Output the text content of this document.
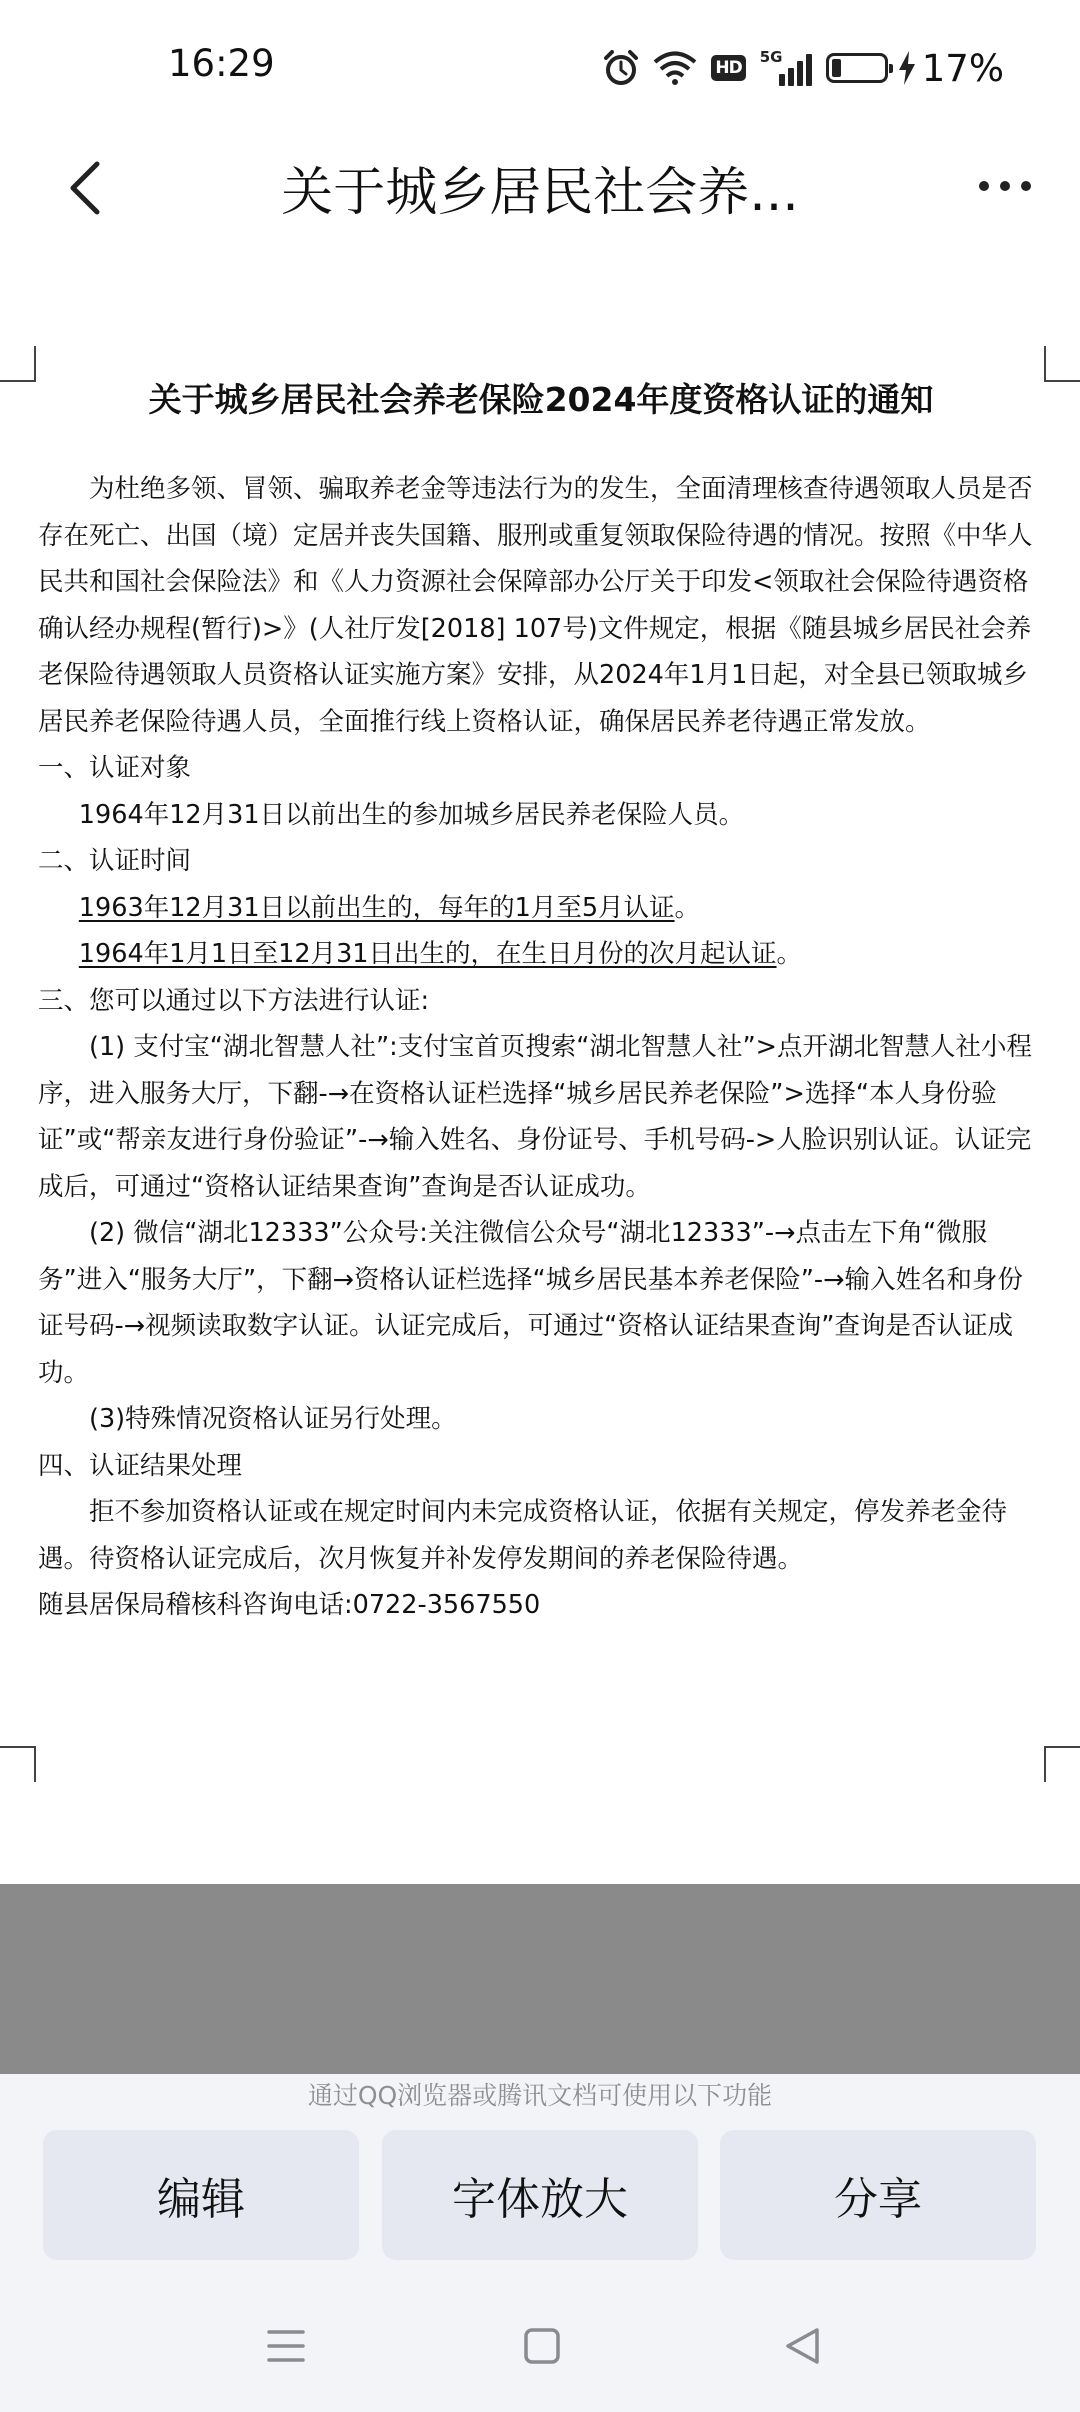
16:29	HD
5G	17%
关于城乡居民社会养...
关于城乡居民社会养老保险2024年度资格认证的通知

为杜绝多领、冒领、骗取养老金等违法行为的发生，全面清理核查待遇领取人员是否存在死亡、出国（境）定居并丧失国籍、服刑或重复领取保险待遇的情况。按照《中华人民共和国社会保险法》和《人力资源社会保障部办公厅关于印发<领取社会保险待遇资格确认经办规程(暂行)>》(人社厅发[2018] 107号)文件规定，根据《随县城乡居民社会养老保险待遇领取人员资格认证实施方案》安排，从2024年1月1日起，对全县已领取城乡居民养老保险待遇人员，全面推行线上资格认证，确保居民养老待遇正常发放。

一、认证对象

1964年12月31日以前出生的参加城乡居民养老保险人员。

二、认证时间

1963年12月31日以前出生的，每年的1月至5月认证。

1964年1月1日至12月31日出生的，在生日月份的次月起认证。

三、您可以通过以下方法进行认证:

(1) 支付宝“湖北智慧人社”:支付宝首页搜索“湖北智慧人社”>点开湖北智慧人社小程序，进入服务大厅，下翻-→在资格认证栏选择“城乡居民养老保险”>选择“本人身份验证”或“帮亲友进行身份验证”-→输入姓名、身份证号、手机号码->人脸识别认证。认证完成后，可通过“资格认证结果查询”查询是否认证成功。

(2) 微信“湖北12333”公众号:关注微信公众号“湖北12333”-→点击左下角“微服务”进入“服务大厅”，下翻→资格认证栏选择“城乡居民基本养老保险”-→输入姓名和身份证号码-→视频读取数字认证。认证完成后，可通过“资格认证结果查询”查询是否认证成功。

(3)特殊情况资格认证另行处理。

四、认证结果处理

拒不参加资格认证或在规定时间内未完成资格认证，依据有关规定，停发养老金待遇。待资格认证完成后，次月恢复并补发停发期间的养老保险待遇。

随县居保局稽核科咨询电话:0722-3567550

通过QQ浏览器或腾讯文档可使用以下功能
编辑	字体放大	分享
